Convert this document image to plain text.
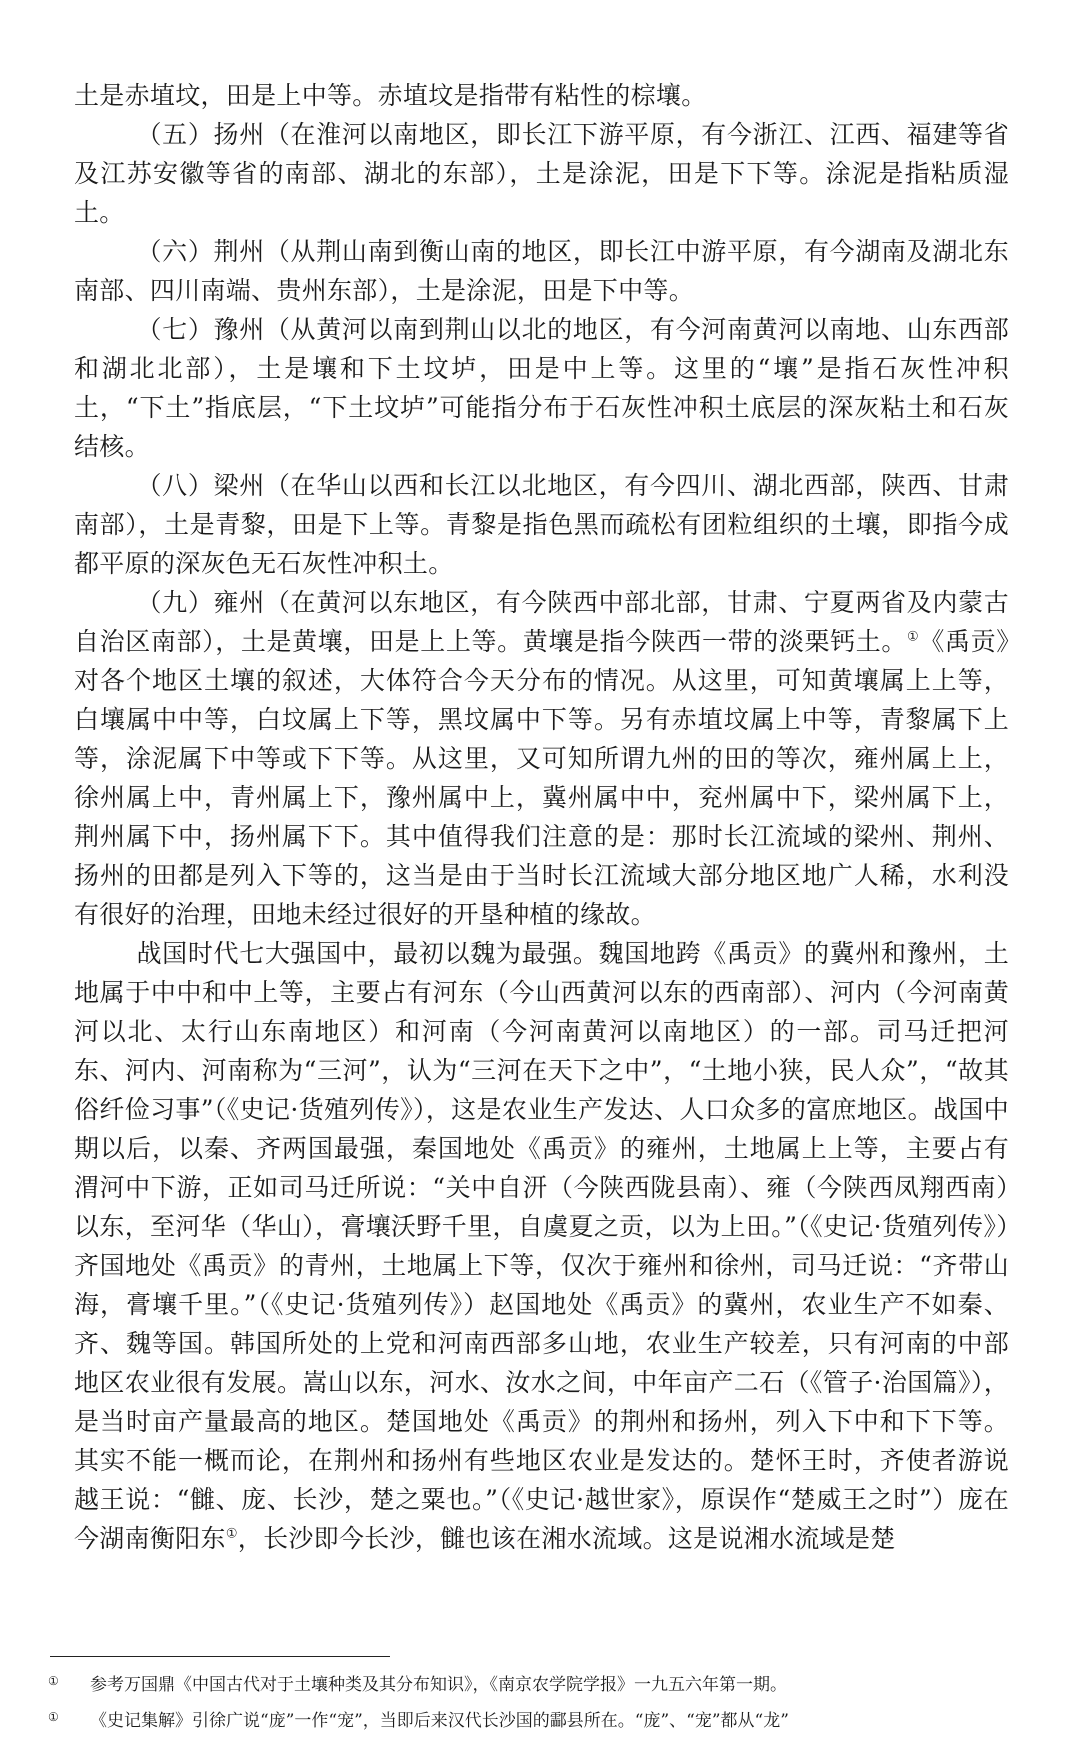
土是赤埴坟，田是上中等。赤埴坟是指带有粘性的棕壤。

（五）扬州（在淮河以南地区，即长江下游平原，有今浙江、江西、福建等省及江苏安徽等省的南部、湖北的东部），土是涂泥，田是下下等。涂泥是指粘质湿土。

（六）荆州（从荆山南到衡山南的地区，即长江中游平原，有今湖南及湖北东南部、四川南端、贵州东部），土是涂泥，田是下中等。

（七）豫州（从黄河以南到荆山以北的地区，有今河南黄河以南地、山东西部和湖北北部），土是壤和下土坟垆，田是中上等。这里的“壤”是指石灰性冲积土，“下土”指底层，“下土坟垆”可能指分布于石灰性冲积土底层的深灰粘土和石灰结核。

（八）梁州（在华山以西和长江以北地区，有今四川、湖北西部，陕西、甘肃南部），土是青黎，田是下上等。青黎是指色黑而疏松有团粒组织的土壤，即指今成都平原的深灰色无石灰性冲积土。

（九）雍州（在黄河以东地区，有今陕西中部北部，甘肃、宁夏两省及内蒙古自治区南部），土是黄壤，田是上上等。黄壤是指今陕西一带的淡栗钙土。①《禹贡》对各个地区土壤的叙述，大体符合今天分布的情况。从这里，可知黄壤属上上等，白壤属中中等，白坟属上下等，黑坟属中下等。另有赤埴坟属上中等，青黎属下上等，涂泥属下中等或下下等。从这里，又可知所谓九州的田的等次，雍州属上上，徐州属上中，青州属上下，豫州属中上，冀州属中中，兖州属中下，梁州属下上，荆州属下中，扬州属下下。其中值得我们注意的是：那时长江流域的梁州、荆州、扬州的田都是列入下等的，这当是由于当时长江流域大部分地区地广人稀，水利没有很好的治理，田地未经过很好的开垦种植的缘故。

战国时代七大强国中，最初以魏为最强。魏国地跨《禹贡》的冀州和豫州，土地属于中中和中上等，主要占有河东（今山西黄河以东的西南部）、河内（今河南黄河以北、太行山东南地区）和河南（今河南黄河以南地区）的一部。司马迁把河东、河内、河南称为“三河”，认为“三河在天下之中”，“土地小狭，民人众”，“故其俗纤俭习事”（《史记·货殖列传》），这是农业生产发达、人口众多的富庶地区。战国中期以后，以秦、齐两国最强，秦国地处《禹贡》的雍州，土地属上上等，主要占有渭河中下游，正如司马迁所说：“关中自汧（今陕西陇县南）、雍（今陕西凤翔西南）以东，至河华（华山），膏壤沃野千里，自虞夏之贡，以为上田。”（《史记·货殖列传》）齐国地处《禹贡》的青州，土地属上下等，仅次于雍州和徐州，司马迁说：“齐带山海，膏壤千里。”（《史记·货殖列传》）赵国地处《禹贡》的冀州，农业生产不如秦、齐、魏等国。韩国所处的上党和河南西部多山地，农业生产较差，只有河南的中部地区农业很有发展。嵩山以东，河水、汝水之间，中年亩产二石（《管子·治国篇》），是当时亩产量最高的地区。楚国地处《禹贡》的荆州和扬州，列入下中和下下等。其实不能一概而论，在荆州和扬州有些地区农业是发达的。楚怀王时，齐使者游说越王说：“雠、庞、长沙，楚之粟也。”（《史记·越世家》，原误作“楚威王之时”）庞在今湖南衡阳东①，长沙即今长沙，雠也该在湘水流域。这是说湘水流域是楚

① 参考万国鼎《中国古代对于土壤种类及其分布知识》，《南京农学院学报》一九五六年第一期。
① 《史记集解》引徐广说“庞”一作“宠”，当即后来汉代长沙国的酃县所在。“庞”、“宠”都从“龙”
